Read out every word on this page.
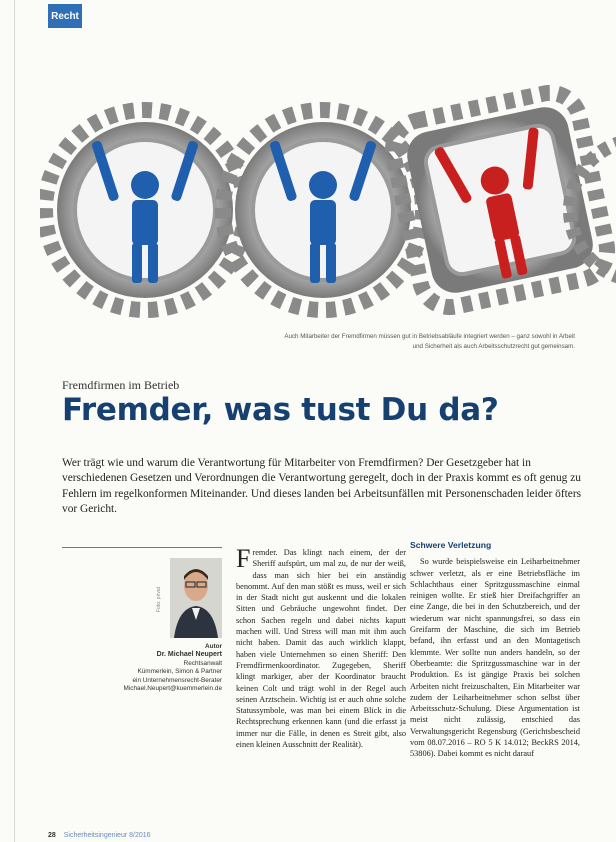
Recht
Auch Mitarbeiter der Fremdfirmen müssen gut in Betriebsabläufe integriert werden – ganz sowohl in Arbeit
und Sicherheit als auch Arbeitsschutzrecht gut gemeinsam.
Fremdfirmen im Betrieb
Fremder, was tust Du da?
Wer trägt wie und warum die Verantwortung für Mitarbeiter von Fremdfirmen? Der Gesetzgeber hat in verschiedenen Gesetzen und Verordnungen die Verantwortung geregelt, doch in der Praxis kommt es oft genug zu Fehlern im regelkonformen Miteinander. Und dieses landen bei Arbeitsunfällen mit Personenschaden leider öfters vor Gericht.
Foto: privat
Autor
Dr. Michael Neupert
Rechtsanwalt
Kümmerlein, Simon & Partner
ein Unternehmensrecht-Berater
Michael.Neupert@kuemmerlein.de
F remder. Das klingt nach einem, der der Sheriff aufspürt, um mal zu, de nur der weiß, dass man sich hier bei ein anständig benommt. Auf den man stößt es muss, weil er sich in der Stadt nicht gut auskennt und die lokalen Sitten und Gebräuche ungewohnt findet. Der schon Sachen regeln und dabei nichts kaputt machen will. Und Stress will man mit ihm auch nicht haben. Damit das auch wirklich klappt, haben viele Unternehmen so einen Sheriff: Den Fremdfirmenkoordinator. Zugegeben, Sheriff klingt markiger, aber der Koordinator braucht keinen Colt und trägt wohl in der Regel auch seinen Arztschein. Wichtig ist er auch ohne solche Statussymbole, was man bei einem Blick in die Rechtsprechung erkennen kann (und die erfasst ja immer nur die Fälle, in denen es Streit gibt, also einen kleinen Ausschnitt der Realität).

Schwere Verletzung

So wurde beispielsweise ein Leiharbeitnehmer schwer verletzt, als er eine Betriebsfläche im Schlachthaus einer Spritzgussmaschine einmal reinigen wollte. Er stieß hier Dreifachgriffer an eine Zange, die bei in den Schutzbereich, und der wiederum war nicht spannungsfrei, so dass ein Greifarm der Maschine, die sich im Betrieb befand, ihn erfasst und an den Montagetisch klemmte. Wer sollte nun anders handeln, so der Oberbeamte: die Spritzgussmaschine war in der Produktion. Es ist gängige Praxis bei solchen Arbeiten nicht freizuschalten, Ein Mitarbeiter war zudem der Leiharbeitnehmer schon selbst über Arbeitsschutz-Schulung. Diese Argumentation ist meist nicht zulässig, entschied das Verwaltungsgericht Regensburg (Gerichtsbescheid vom 08.07.2016 – RO 5 K 14.012; BeckRS 2014, 53806). Dabei kommt es nicht darauf

28 Sicherheitsingenieur 8/2016
